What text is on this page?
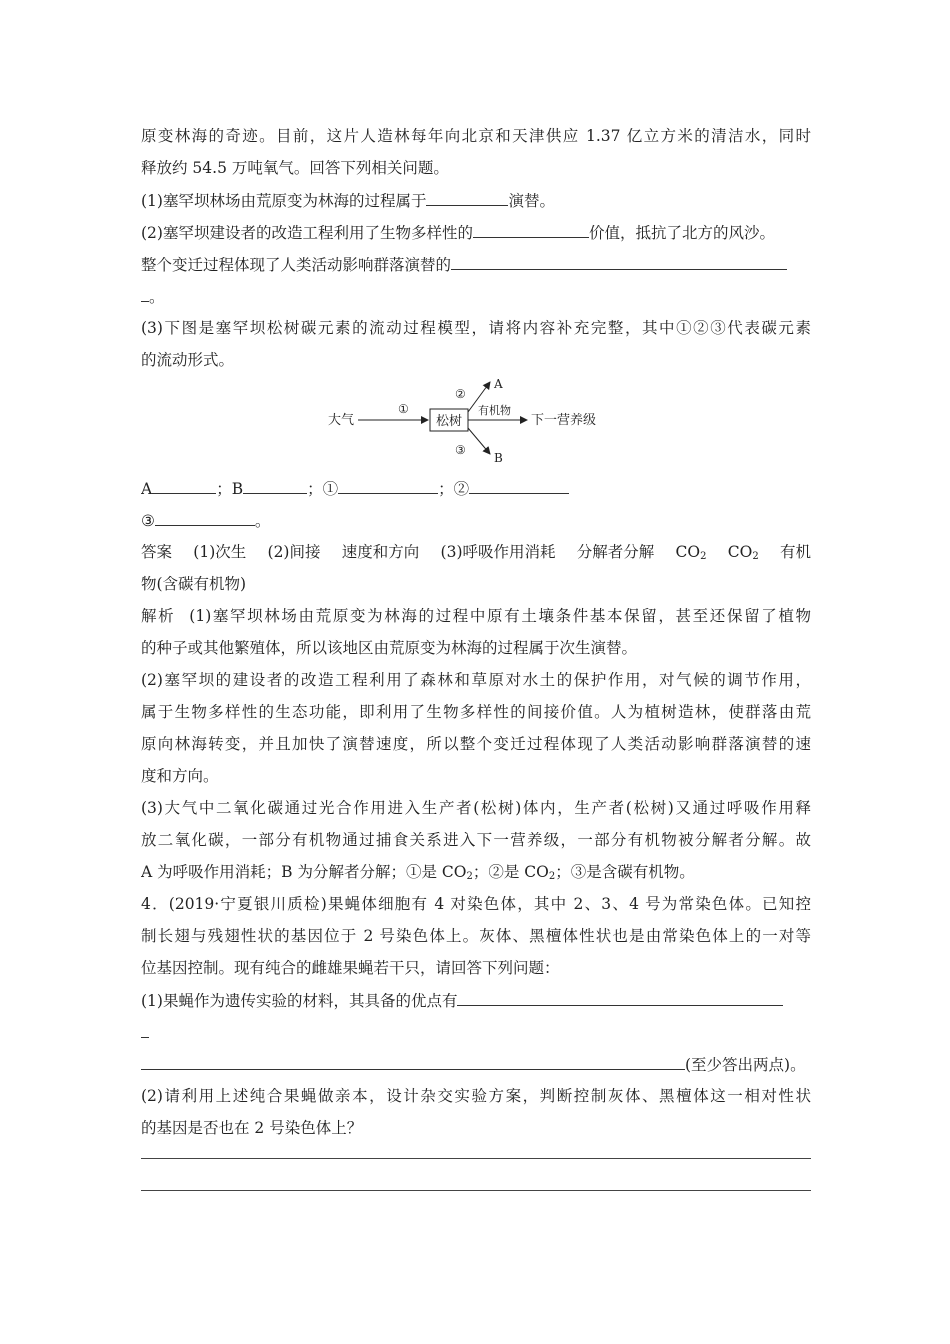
原变林海的奇迹。目前，这片人造林每年向北京和天津供应 1.37 亿立方米的清洁水，同时
释放约 54.5 万吨氧气。回答下列相关问题。
(1)塞罕坝林场由荒原变为林海的过程属于	演替。
(2)塞罕坝建设者的改造工程利用了生物多样性的	价值，抵抗了北方的风沙。
整个变迁过程体现了人类活动影响群落演替的
。
(3)下图是塞罕坝松树碳元素的流动过程模型，请将内容补充完整，其中①②③代表碳元素
的流动形式。
大气
①
松树
②
A
有机物
下一营养级
③
B
A	；B	；①	；②
③	。
答案 (1)次生 (2)间接 速度和方向 (3)呼吸作用消耗 分解者分解 $CO_2$ $CO_2$ 有机
物(含碳有机物)
解析 (1)塞罕坝林场由荒原变为林海的过程中原有土壤条件基本保留，甚至还保留了植物
的种子或其他繁殖体，所以该地区由荒原变为林海的过程属于次生演替。
(2)塞罕坝的建设者的改造工程利用了森林和草原对水土的保护作用，对气候的调节作用，
属于生物多样性的生态功能，即利用了生物多样性的间接价值。人为植树造林，使群落由荒
原向林海转变，并且加快了演替速度，所以整个变迁过程体现了人类活动影响群落演替的速
度和方向。
(3)大气中二氧化碳通过光合作用进入生产者(松树)体内，生产者(松树)又通过呼吸作用释
放二氧化碳，一部分有机物通过捕食关系进入下一营养级，一部分有机物被分解者分解。故
A 为呼吸作用消耗；B 为分解者分解；①是 $CO_2$；②是 $CO_2$；③是含碳有机物。
4．(2019·宁夏银川质检)果蝇体细胞有 4 对染色体，其中 2、3、4 号为常染色体。已知控
制长翅与残翅性状的基因位于 2 号染色体上。灰体、黑檀体性状也是由常染色体上的一对等
位基因控制。现有纯合的雌雄果蝇若干只，请回答下列问题：
(1)果蝇作为遗传实验的材料，其具备的优点有
(至少答出两点)。
(2)请利用上述纯合果蝇做亲本，设计杂交实验方案，判断控制灰体、黑檀体这一相对性状
的基因是否也在 2 号染色体上？
